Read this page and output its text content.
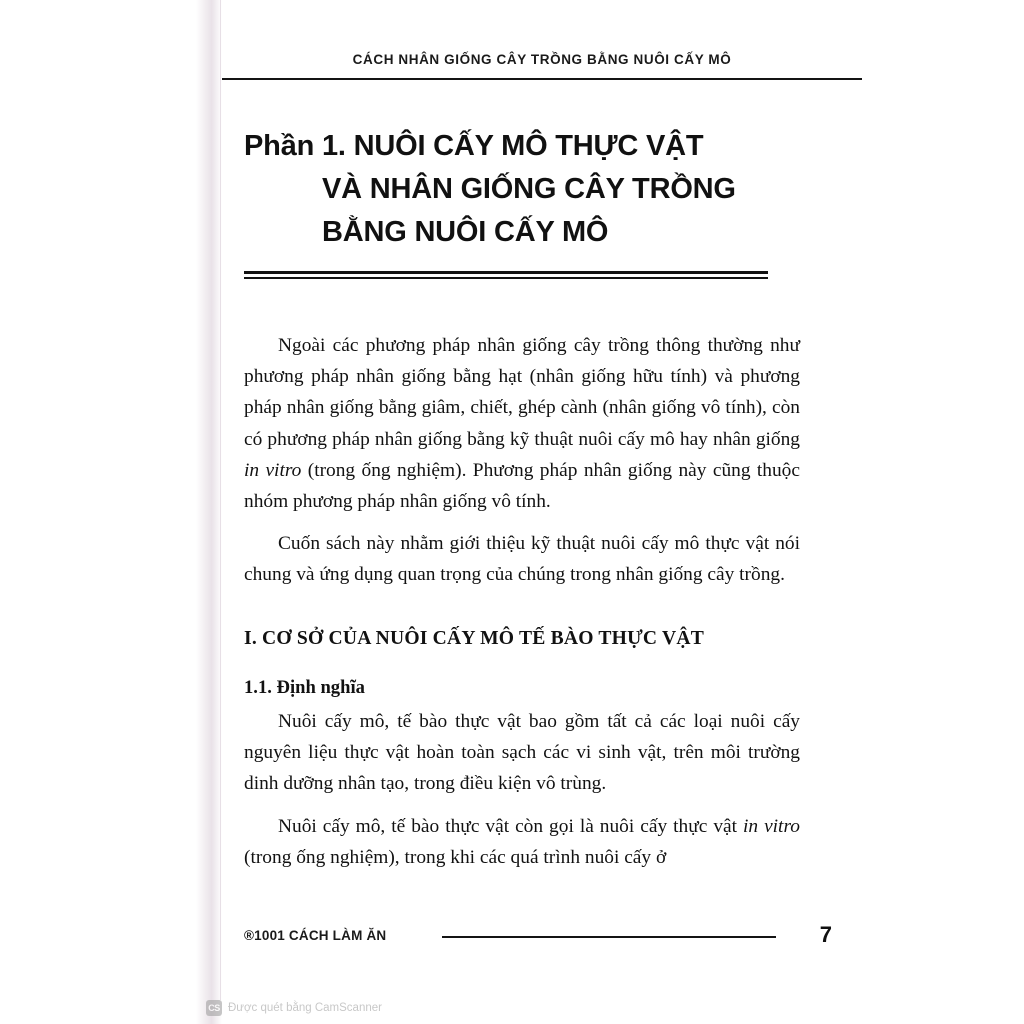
CÁCH NHÂN GIỐNG CÂY TRỒNG BẰNG NUÔI CẤY MÔ
Phần 1. NUÔI CẤY MÔ THỰC VẬT
VÀ NHÂN GIỐNG CÂY TRỒNG
BẰNG NUÔI CẤY MÔ

Ngoài các phương pháp nhân giống cây trồng thông thường như phương pháp nhân giống bằng hạt (nhân giống hữu tính) và phương pháp nhân giống bằng giâm, chiết, ghép cành (nhân giống vô tính), còn có phương pháp nhân giống bằng kỹ thuật nuôi cấy mô hay nhân giống in vitro (trong ống nghiệm). Phương pháp nhân giống này cũng thuộc nhóm phương pháp nhân giống vô tính.

Cuốn sách này nhằm giới thiệu kỹ thuật nuôi cấy mô thực vật nói chung và ứng dụng quan trọng của chúng trong nhân giống cây trồng.

I. CƠ SỞ CỦA NUÔI CẤY MÔ TẾ BÀO THỰC VẬT

1.1. Định nghĩa

Nuôi cấy mô, tế bào thực vật bao gồm tất cả các loại nuôi cấy nguyên liệu thực vật hoàn toàn sạch các vi sinh vật, trên môi trường dinh dưỡng nhân tạo, trong điều kiện vô trùng.

Nuôi cấy mô, tế bào thực vật còn gọi là nuôi cấy thực vật in vitro (trong ống nghiệm), trong khi các quá trình nuôi cấy ở

®1001 CÁCH LÀM ĂN	7
CS Được quét bằng CamScanner
